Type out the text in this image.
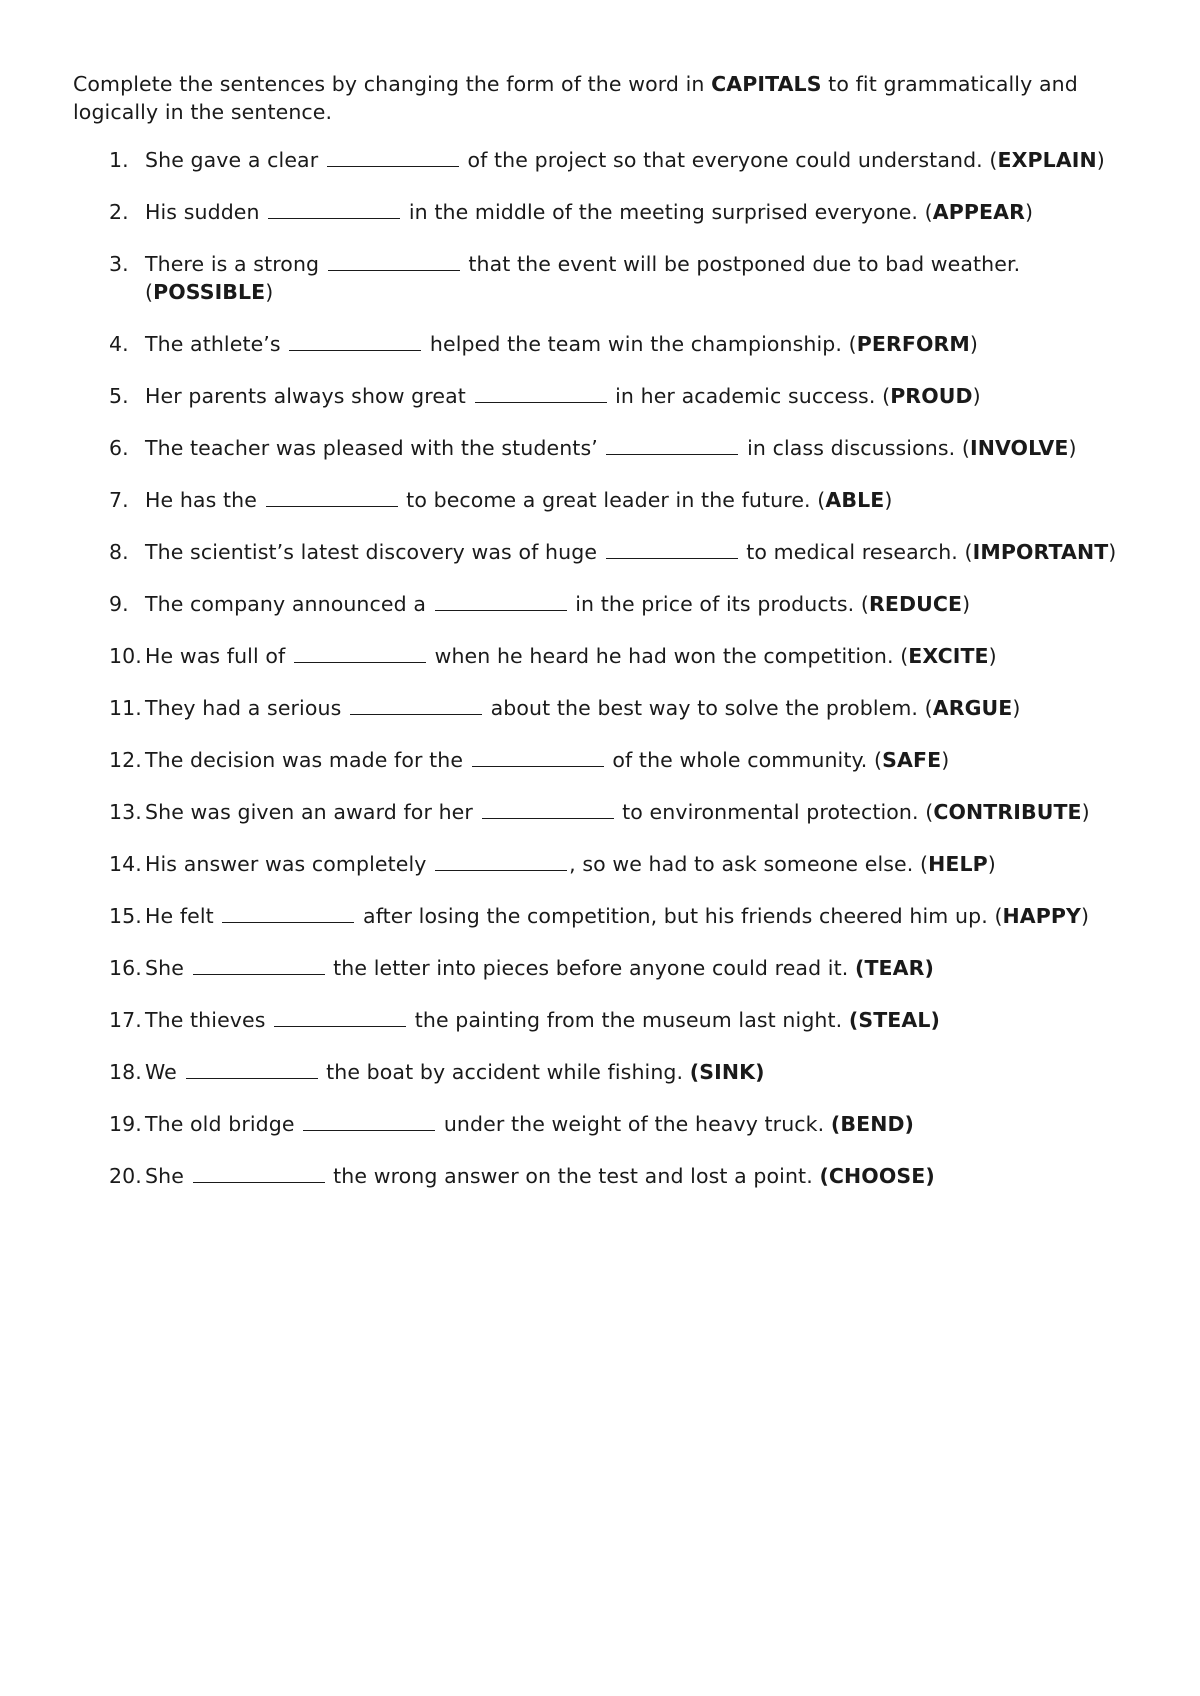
Complete the sentences by changing the form of the word in CAPITALS to fit grammatically and logically in the sentence.

1. She gave a clear	of the project so that everyone could understand. (EXPLAIN)
2. His sudden	in the middle of the meeting surprised everyone. (APPEAR)
3. There is a strong	that the event will be postponed due to bad weather. (POSSIBLE)
4. The athlete’s	helped the team win the championship. (PERFORM)
5. Her parents always show great	in her academic success. (PROUD)
6. The teacher was pleased with the students’	in class discussions. (INVOLVE)
7. He has the	to become a great leader in the future. (ABLE)
8. The scientist’s latest discovery was of huge	to medical research. (IMPORTANT)
9. The company announced a	in the price of its products. (REDUCE)
10. He was full of	when he heard he had won the competition. (EXCITE)
11. They had a serious	about the best way to solve the problem. (ARGUE)
12. The decision was made for the	of the whole community. (SAFE)
13. She was given an award for her	to environmental protection. (CONTRIBUTE)
14. His answer was completely	, so we had to ask someone else. (HELP)
15. He felt	after losing the competition, but his friends cheered him up. (HAPPY)
16. She	the letter into pieces before anyone could read it. (TEAR)
17. The thieves	the painting from the museum last night. (STEAL)
18. We	the boat by accident while fishing. (SINK)
19. The old bridge	under the weight of the heavy truck. (BEND)
20. She	the wrong answer on the test and lost a point. (CHOOSE)
